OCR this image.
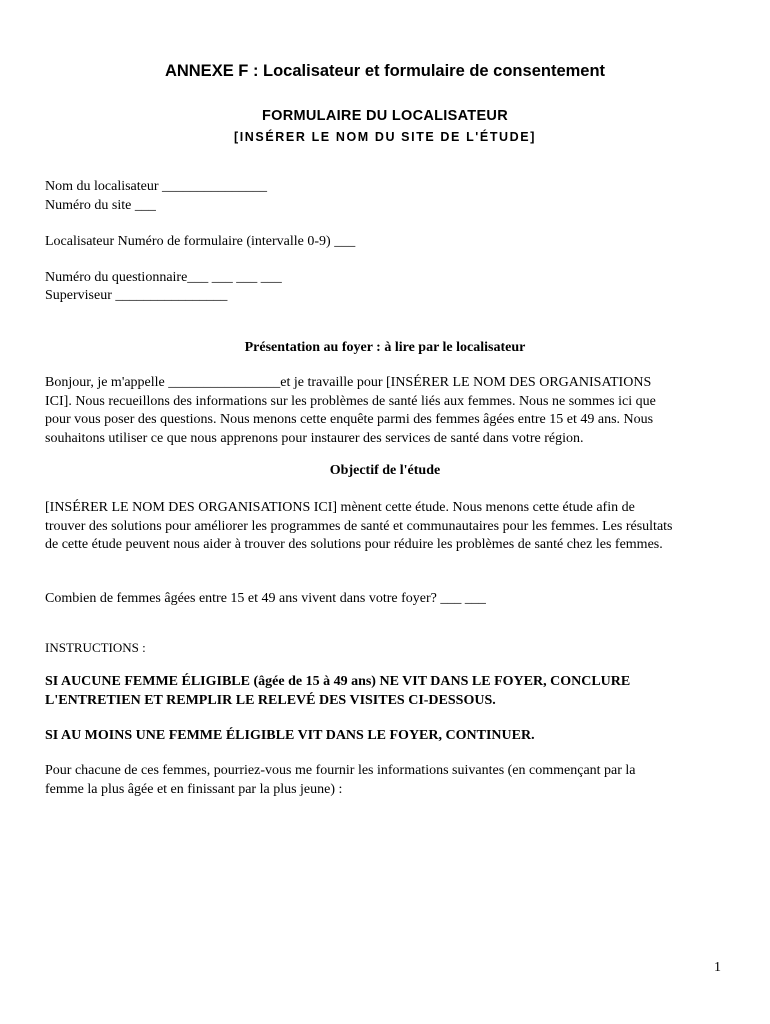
ANNEXE F : Localisateur et formulaire de consentement
FORMULAIRE DU LOCALISATEUR
[INSÉRER LE NOM DU SITE DE L'ÉTUDE]
Nom du localisateur _______________
Numéro du site ___
Localisateur Numéro de formulaire (intervalle 0-9) ___
Numéro du questionnaire___ ___ ___ ___
Superviseur ________________
Présentation au foyer : à lire par le localisateur
Bonjour, je m'appelle ________________et je travaille pour [INSÉRER LE NOM DES ORGANISATIONS
ICI]. Nous recueillons des informations sur les problèmes de santé liés aux femmes. Nous ne sommes ici que
pour vous poser des questions. Nous menons cette enquête parmi des femmes âgées entre 15 et 49 ans. Nous
souhaitons utiliser ce que nous apprenons pour instaurer des services de santé dans votre région.
Objectif de l'étude
[INSÉRER LE NOM DES ORGANISATIONS ICI] mènent cette étude. Nous menons cette étude afin de
trouver des solutions pour améliorer les programmes de santé et communautaires pour les femmes. Les résultats
de cette étude peuvent nous aider à trouver des solutions pour réduire les problèmes de santé chez les femmes.
Combien de femmes âgées entre 15 et 49 ans vivent dans votre foyer? ___ ___
INSTRUCTIONS :
SI AUCUNE FEMME ÉLIGIBLE (âgée de 15 à 49 ans) NE VIT DANS LE FOYER, CONCLURE
L'ENTRETIEN ET REMPLIR LE RELEVÉ DES VISITES CI-DESSOUS.
SI AU MOINS UNE FEMME ÉLIGIBLE VIT DANS LE FOYER, CONTINUER.
Pour chacune de ces femmes, pourriez-vous me fournir les informations suivantes (en commençant par la
femme la plus âgée et en finissant par la plus jeune) :
1
